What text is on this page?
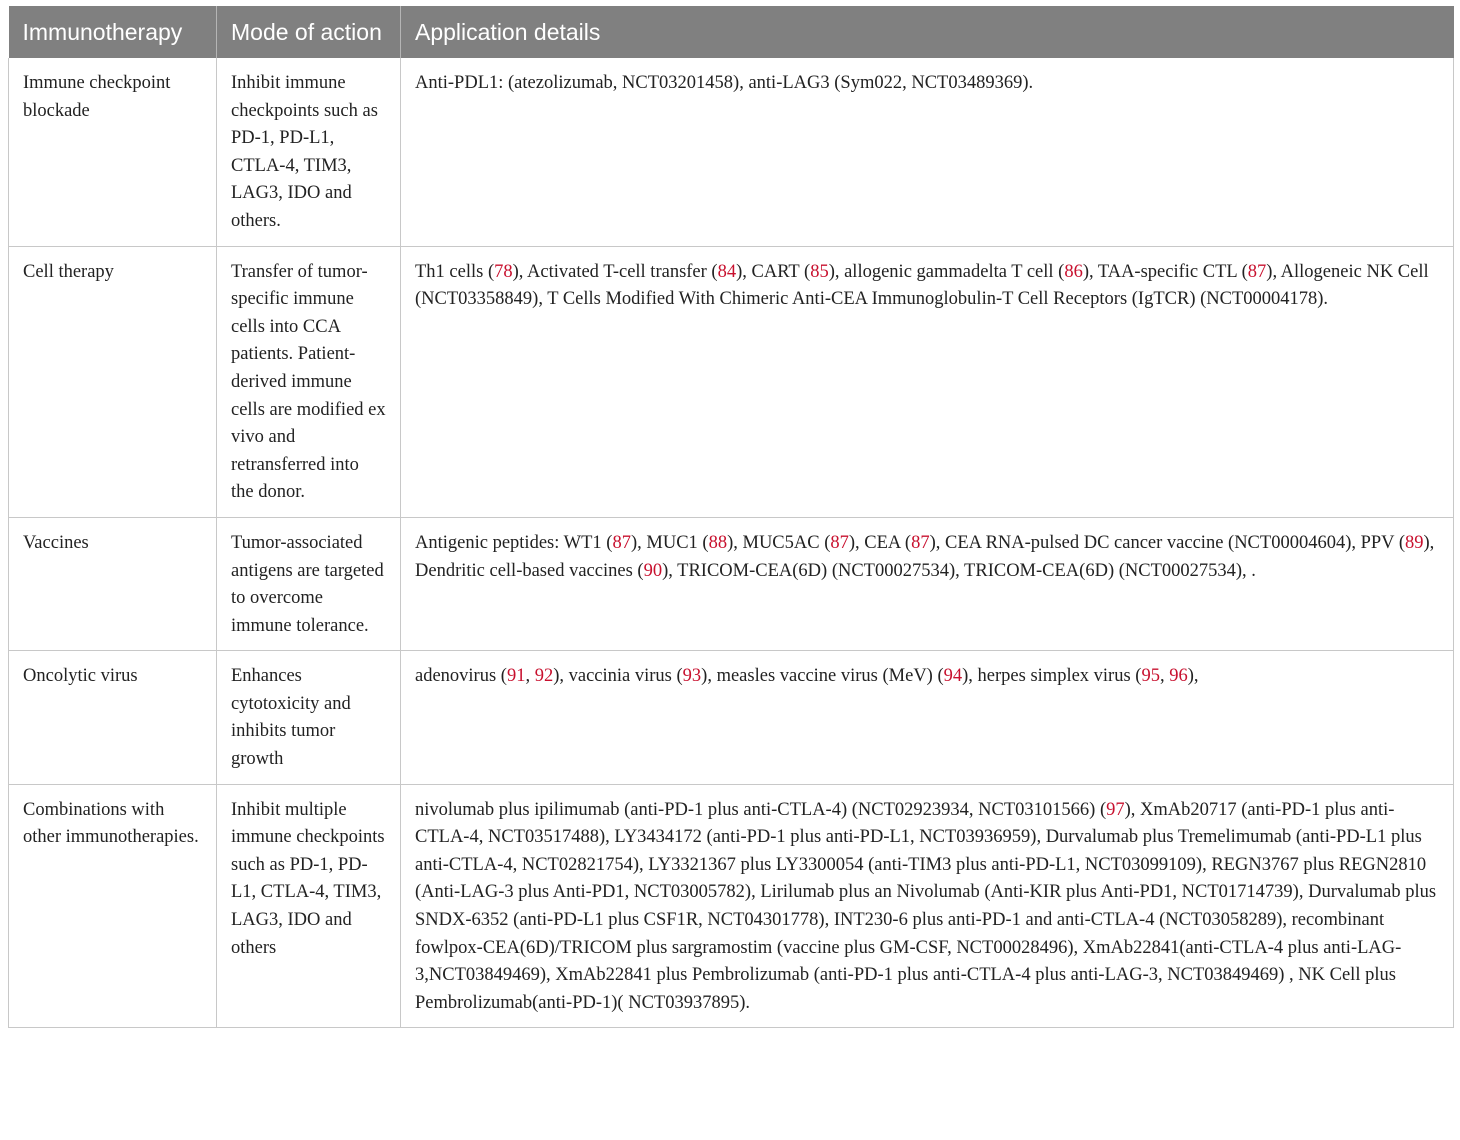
Immunotherapy	Mode of action	Application details
Immune checkpoint blockade	Inhibit immune checkpoints such as PD-1, PD-L1, CTLA-4, TIM3, LAG3, IDO and others.	Anti-PDL1: (atezolizumab, NCT03201458), anti-LAG3 (Sym022, NCT03489369).
Cell therapy	Transfer of tumor-specific immune cells into CCA patients. Patient-derived immune cells are modified ex vivo and retransferred into the donor.	Th1 cells (78), Activated T-cell transfer (84), CART (85), allogenic gammadelta T cell (86), TAA-specific CTL (87), Allogeneic NK Cell (NCT03358849), T Cells Modified With Chimeric Anti-CEA Immunoglobulin-T Cell Receptors (IgTCR) (NCT00004178).
Vaccines	Tumor-associated antigens are targeted to overcome immune tolerance.	Antigenic peptides: WT1 (87), MUC1 (88), MUC5AC (87), CEA (87), CEA RNA-pulsed DC cancer vaccine (NCT00004604), PPV (89), Dendritic cell-based vaccines (90), TRICOM-CEA(6D) (NCT00027534), TRICOM-CEA(6D) (NCT00027534), .
Oncolytic virus	Enhances cytotoxicity and inhibits tumor growth	adenovirus (91, 92), vaccinia virus (93), measles vaccine virus (MeV) (94), herpes simplex virus (95, 96),
Combinations with other immunotherapies.	Inhibit multiple immune checkpoints such as PD-1, PD-L1, CTLA-4, TIM3, LAG3, IDO and others	nivolumab plus ipilimumab (anti-PD-1 plus anti-CTLA-4) (NCT02923934, NCT03101566) (97), XmAb20717 (anti-PD-1 plus anti-CTLA-4, NCT03517488), LY3434172 (anti-PD-1 plus anti-PD-L1, NCT03936959), Durvalumab plus Tremelimumab (anti-PD-L1 plus anti-CTLA-4, NCT02821754), LY3321367 plus LY3300054 (anti-TIM3 plus anti-PD-L1, NCT03099109), REGN3767 plus REGN2810 (Anti-LAG-3 plus Anti-PD1, NCT03005782), Lirilumab plus an Nivolumab (Anti-KIR plus Anti-PD1, NCT01714739), Durvalumab plus SNDX-6352 (anti-PD-L1 plus CSF1R, NCT04301778), INT230-6 plus anti-PD-1 and anti-CTLA-4 (NCT03058289), recombinant fowlpox-CEA(6D)/TRICOM plus sargramostim (vaccine plus GM-CSF, NCT00028496), XmAb22841(anti-CTLA-4 plus anti-LAG-3,NCT03849469), XmAb22841 plus Pembrolizumab (anti-PD-1 plus anti-CTLA-4 plus anti-LAG-3, NCT03849469) , NK Cell plus Pembrolizumab(anti-PD-1)( NCT03937895).
